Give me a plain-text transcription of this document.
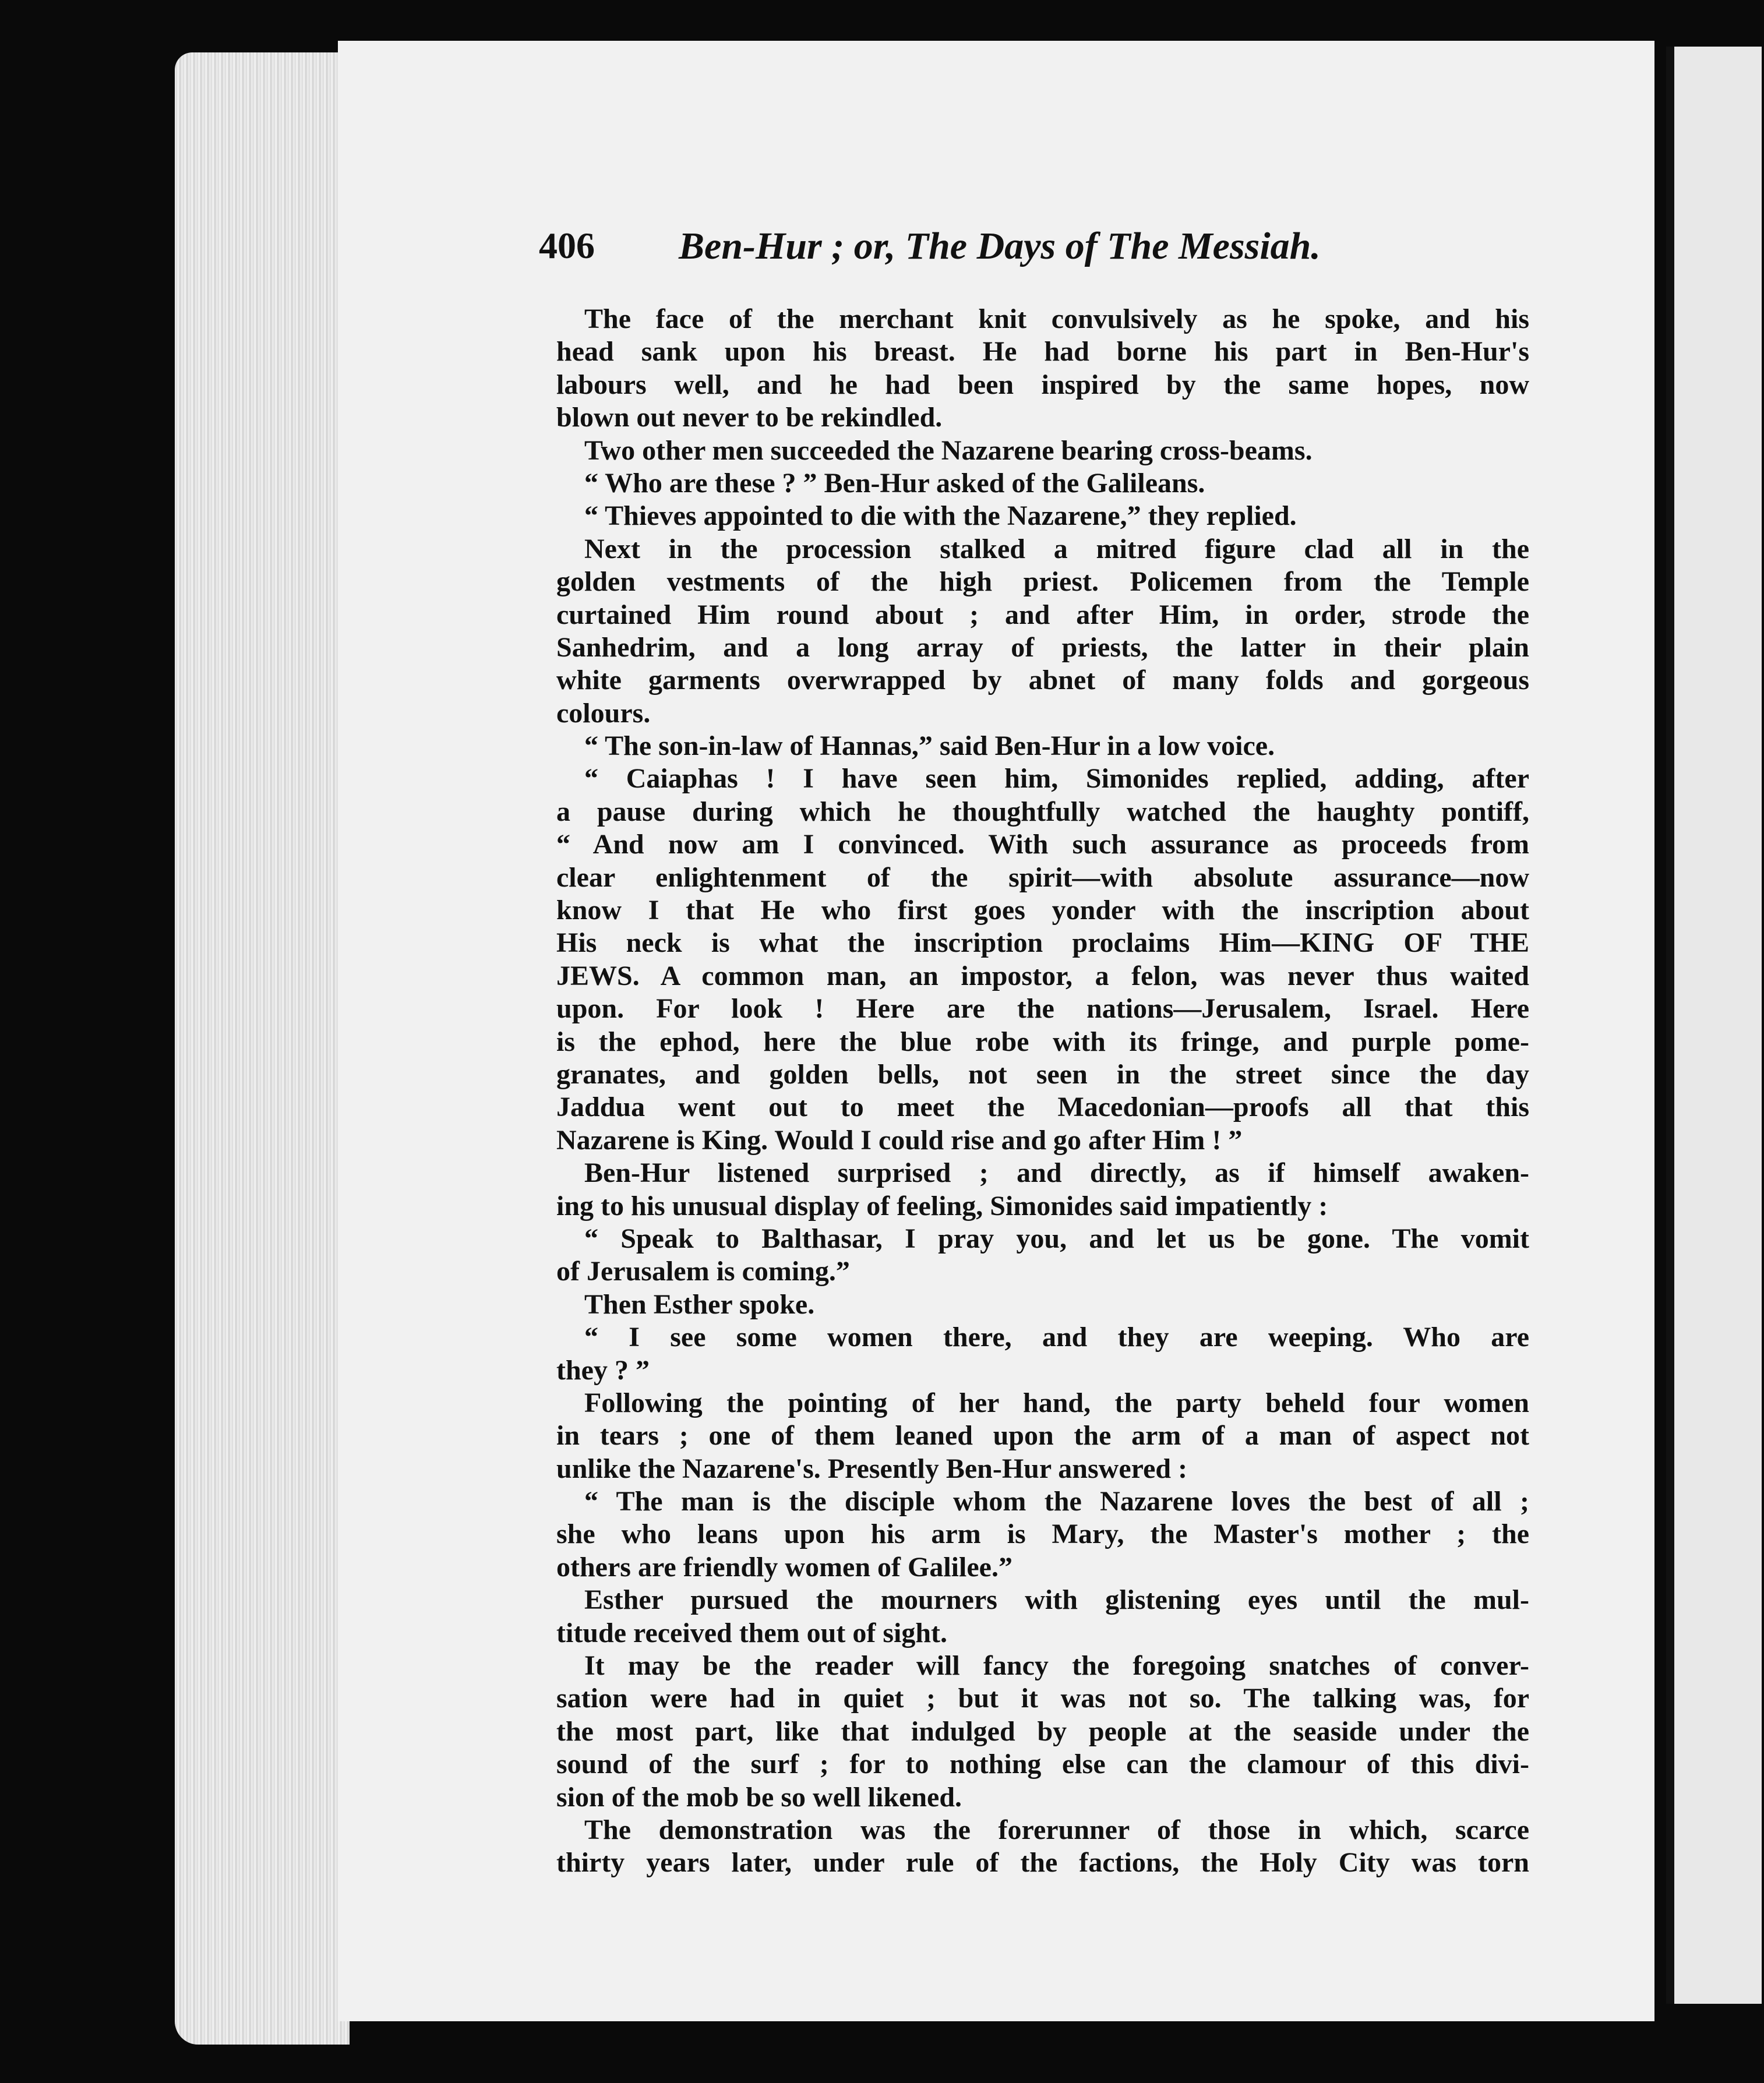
406 Ben-Hur ; or, The Days of The Messiah.
The face of the merchant knit convulsively as he spoke, and his
head sank upon his breast. He had borne his part in Ben-Hur's
labours well, and he had been inspired by the same hopes, now
blown out never to be rekindled.
Two other men succeeded the Nazarene bearing cross-beams.
“ Who are these ? ” Ben-Hur asked of the Galileans.
“ Thieves appointed to die with the Nazarene,” they replied.
Next in the procession stalked a mitred figure clad all in the
golden vestments of the high priest. Policemen from the Temple
curtained Him round about ; and after Him, in order, strode the
Sanhedrim, and a long array of priests, the latter in their plain
white garments overwrapped by abnet of many folds and gorgeous
colours.
“ The son-in-law of Hannas,” said Ben-Hur in a low voice.
“ Caiaphas ! I have seen him, Simonides replied, adding, after
a pause during which he thoughtfully watched the haughty pontiff,
“ And now am I convinced. With such assurance as proceeds from
clear enlightenment of the spirit—with absolute assurance—now
know I that He who first goes yonder with the inscription about
His neck is what the inscription proclaims Him—KING OF THE
JEWS. A common man, an impostor, a felon, was never thus waited
upon. For look ! Here are the nations—Jerusalem, Israel. Here
is the ephod, here the blue robe with its fringe, and purple pome-
granates, and golden bells, not seen in the street since the day
Jaddua went out to meet the Macedonian—proofs all that this
Nazarene is King. Would I could rise and go after Him ! ”
Ben-Hur listened surprised ; and directly, as if himself awaken-
ing to his unusual display of feeling, Simonides said impatiently :
“ Speak to Balthasar, I pray you, and let us be gone. The vomit
of Jerusalem is coming.”
Then Esther spoke.
“ I see some women there, and they are weeping. Who are
they ? ”
Following the pointing of her hand, the party beheld four women
in tears ; one of them leaned upon the arm of a man of aspect not
unlike the Nazarene's. Presently Ben-Hur answered :
“ The man is the disciple whom the Nazarene loves the best of all ;
she who leans upon his arm is Mary, the Master's mother ; the
others are friendly women of Galilee.”
Esther pursued the mourners with glistening eyes until the mul-
titude received them out of sight.
It may be the reader will fancy the foregoing snatches of conver-
sation were had in quiet ; but it was not so. The talking was, for
the most part, like that indulged by people at the seaside under the
sound of the surf ; for to nothing else can the clamour of this divi-
sion of the mob be so well likened.
The demonstration was the forerunner of those in which, scarce
thirty years later, under rule of the factions, the Holy City was torn
